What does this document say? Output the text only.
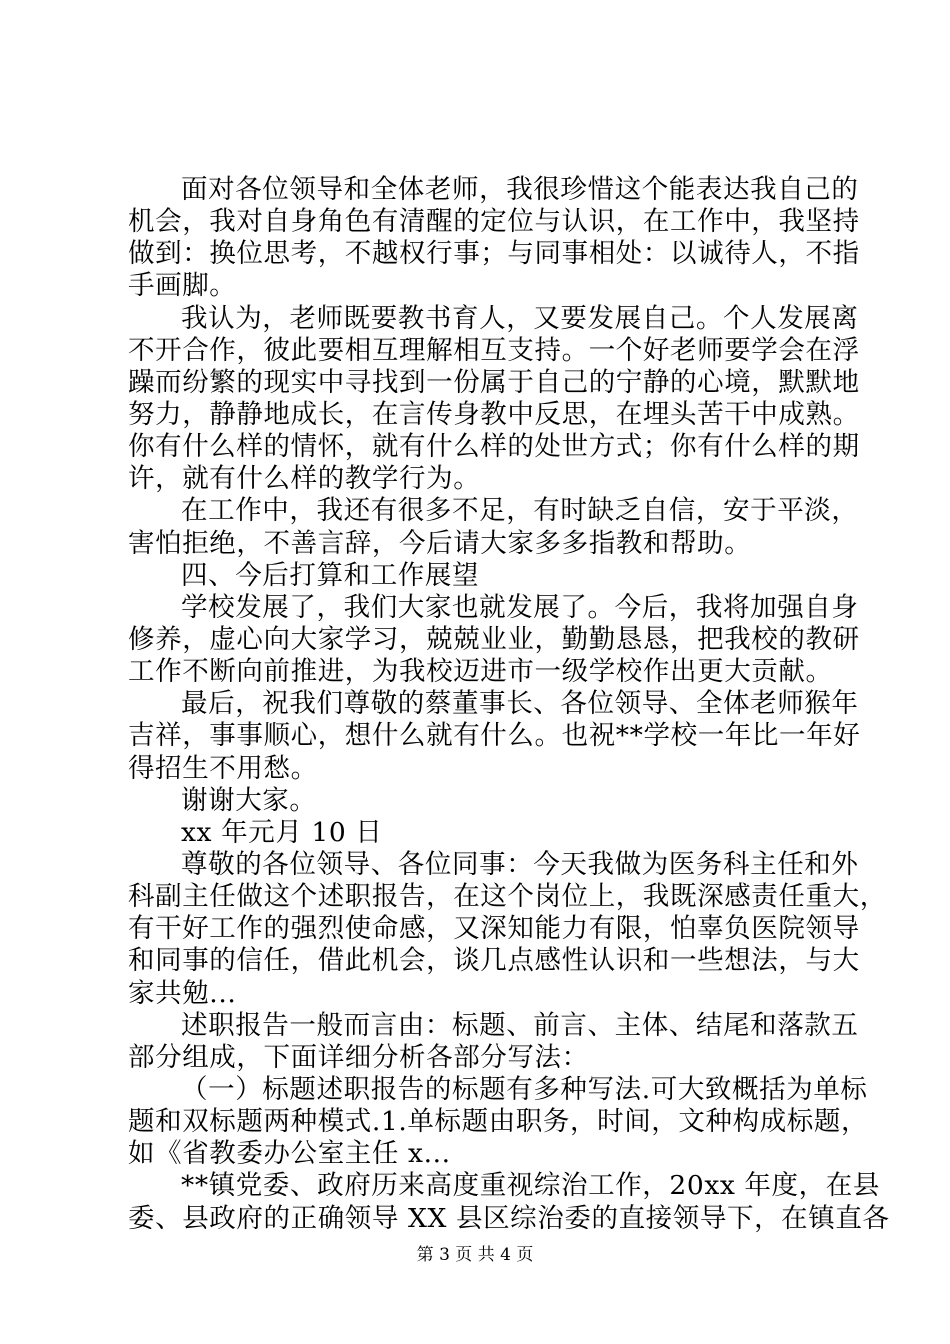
面对各位领导和全体老师，我很珍惜这个能表达我自己的
机会，我对自身角色有清醒的定位与认识，在工作中，我坚持
做到：换位思考，不越权行事；与同事相处：以诚待人，不指
手画脚。
我认为，老师既要教书育人，又要发展自己。个人发展离
不开合作，彼此要相互理解相互支持。一个好老师要学会在浮
躁而纷繁的现实中寻找到一份属于自己的宁静的心境，默默地
努力，静静地成长，在言传身教中反思，在埋头苦干中成熟。
你有什么样的情怀，就有什么样的处世方式；你有什么样的期
许，就有什么样的教学行为。
在工作中，我还有很多不足，有时缺乏自信，安于平淡，
害怕拒绝，不善言辞，今后请大家多多指教和帮助。
四、今后打算和工作展望
学校发展了，我们大家也就发展了。今后，我将加强自身
修养，虚心向大家学习，兢兢业业，勤勤恳恳，把我校的教研
工作不断向前推进，为我校迈进市一级学校作出更大贡献。
最后，祝我们尊敬的蔡董事长、各位领导、全体老师猴年
吉祥，事事顺心，想什么就有什么。也祝**学校一年比一年好
得招生不用愁。
谢谢大家。
xx 年元月 10 日
尊敬的各位领导、各位同事：今天我做为医务科主任和外
科副主任做这个述职报告，在这个岗位上，我既深感责任重大，
有干好工作的强烈使命感，又深知能力有限，怕辜负医院领导
和同事的信任，借此机会，谈几点感性认识和一些想法，与大
家共勉...
述职报告一般而言由：标题、前言、主体、结尾和落款五
部分组成，下面详细分析各部分写法：
（一）标题述职报告的标题有多种写法.可大致概括为单标
题和双标题两种模式.1.单标题由职务，时间，文种构成标题，
如《省教委办公室主任 x...
**镇党委、政府历来高度重视综治工作，20xx 年度，在县
委、县政府的正确领导 XX 县区综治委的直接领导下，在镇直各
第 3 页 共 4 页
